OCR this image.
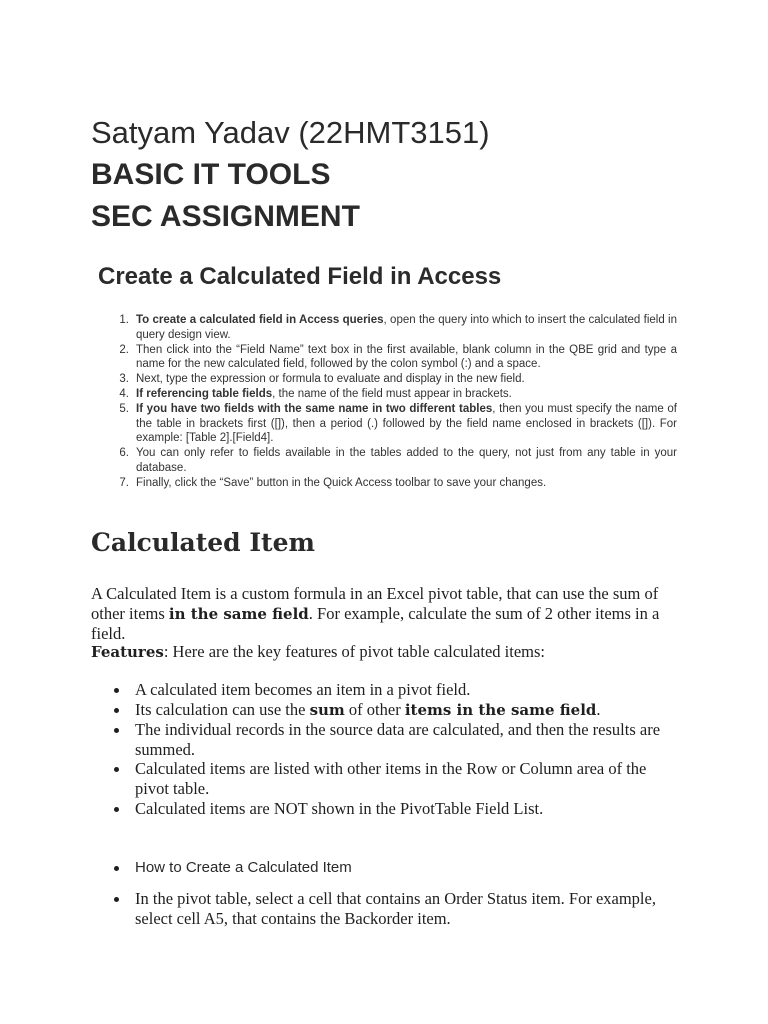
Satyam Yadav (22HMT3151)
BASIC IT TOOLS
SEC ASSIGNMENT
Create a Calculated Field in Access
1. To create a calculated field in Access queries, open the query into which to insert the calculated field in query design view.
2. Then click into the “Field Name” text box in the first available, blank column in the QBE grid and type a name for the new calculated field, followed by the colon symbol (:) and a space.
3. Next, type the expression or formula to evaluate and display in the new field.
4. If referencing table fields, the name of the field must appear in brackets.
5. If you have two fields with the same name in two different tables, then you must specify the name of the table in brackets first ([]), then a period (.) followed by the field name enclosed in brackets ([]). For example: [Table 2].[Field4].
6. You can only refer to fields available in the tables added to the query, not just from any table in your database.
7. Finally, click the “Save” button in the Quick Access toolbar to save your changes.
Calculated Item

A Calculated Item is a custom formula in an Excel pivot table, that can use the sum of other items in the same field. For example, calculate the sum of 2 other items in a field.

Features: Here are the key features of pivot table calculated items:

A calculated item becomes an item in a pivot field.
Its calculation can use the sum of other items in the same field.
The individual records in the source data are calculated, and then the results are summed.
Calculated items are listed with other items in the Row or Column area of the pivot table.
Calculated items are NOT shown in the PivotTable Field List.
How to Create a Calculated Item
In the pivot table, select a cell that contains an Order Status item. For example, select cell A5, that contains the Backorder item.
